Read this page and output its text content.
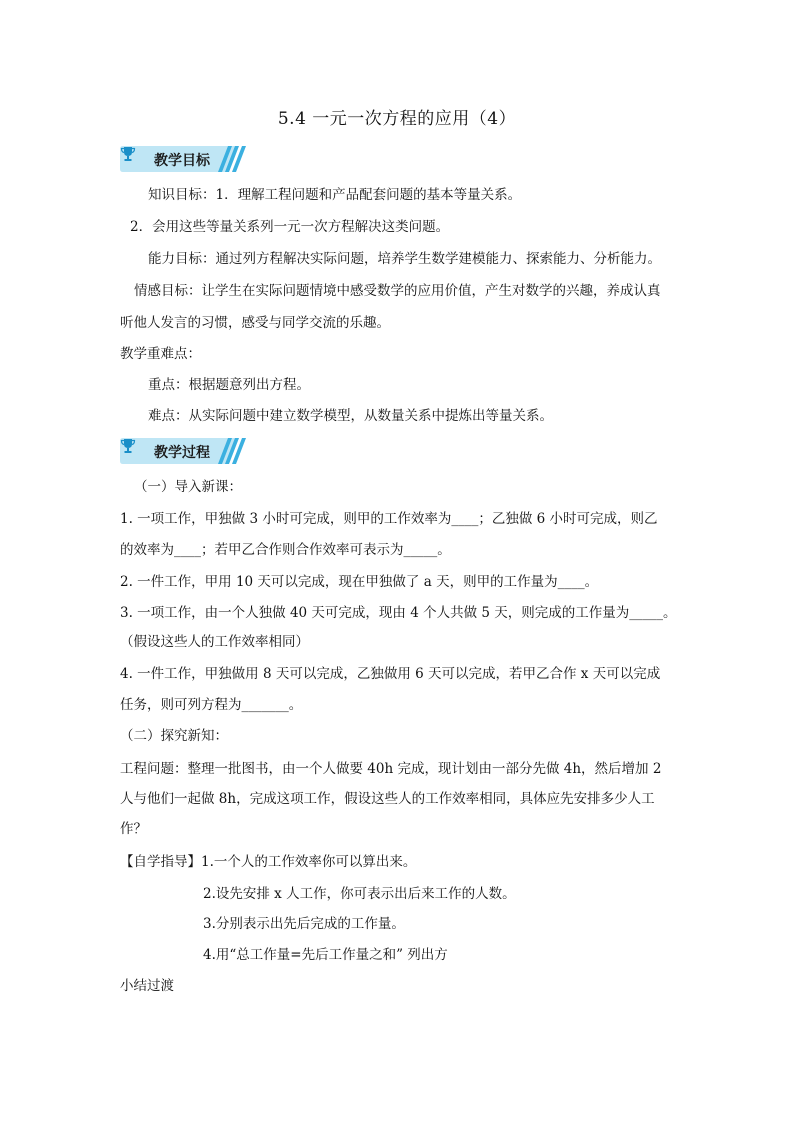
5.4 一元一次方程的应用（4）
教学目标
知识目标：1．理解工程问题和产品配套问题的基本等量关系。
2．会用这些等量关系列一元一次方程解决这类问题。
能力目标：通过列方程解决实际问题，培养学生数学建模能力、探索能力、分析能力。
情感目标：让学生在实际问题情境中感受数学的应用价值，产生对数学的兴趣，养成认真
听他人发言的习惯，感受与同学交流的乐趣。
教学重难点：
重点：根据题意列出方程。
难点：从实际问题中建立数学模型，从数量关系中提炼出等量关系。
教学过程
（一）导入新课：
1. 一项工作，甲独做 3 小时可完成，则甲的工作效率为____；乙独做 6 小时可完成，则乙
的效率为____；若甲乙合作则合作效率可表示为_____。
2. 一件工作，甲用 10 天可以完成，现在甲独做了 a 天，则甲的工作量为____。
3. 一项工作，由一个人独做 40 天可完成，现由 4 个人共做 5 天，则完成的工作量为_____。
（假设这些人的工作效率相同）
4. 一件工作，甲独做用 8 天可以完成，乙独做用 6 天可以完成，若甲乙合作 x 天可以完成
任务，则可列方程为_______。
（二）探究新知：
工程问题：整理一批图书，由一个人做要 40h 完成，现计划由一部分先做 4h，然后增加 2
人与他们一起做 8h，完成这项工作，假设这些人的工作效率相同，具体应先安排多少人工
作？
【自学指导】1.一个人的工作效率你可以算出来。
2.设先安排 x 人工作，你可表示出后来工作的人数。
3.分别表示出先后完成的工作量。
4.用“总工作量=先后工作量之和” 列出方
小结过渡
